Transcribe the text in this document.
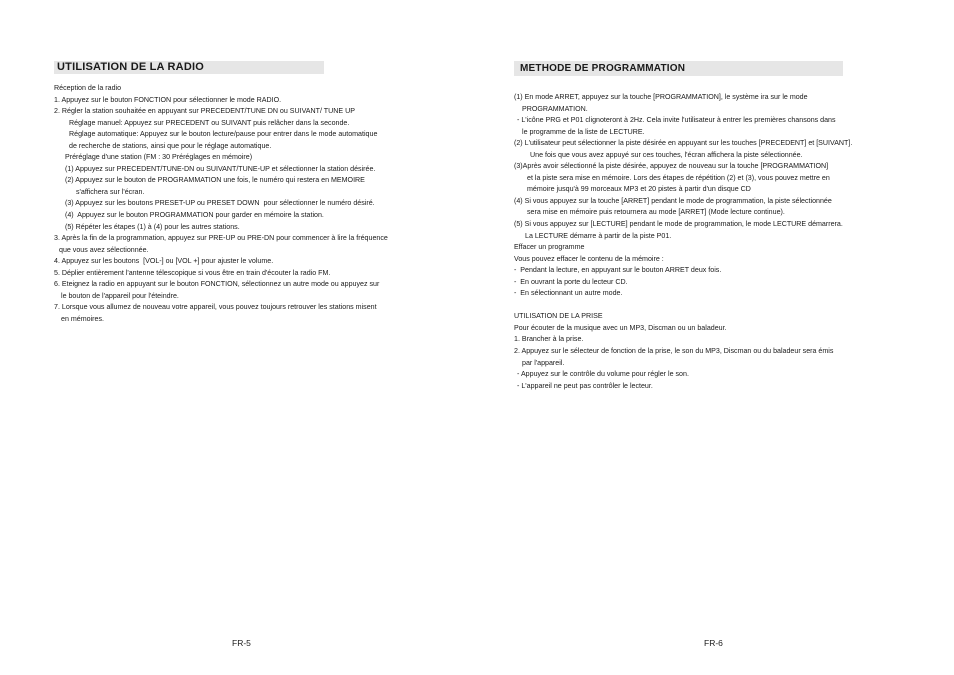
UTILISATION DE LA RADIO
Réception de la radio
1. Appuyez sur le bouton FONCTION pour sélectionner le mode RADIO.
2. Régler la station souhaitée en appuyant sur PRECEDENT/TUNE DN ou SUIVANT/ TUNE UP
Réglage manuel: Appuyez sur PRECEDENT ou SUIVANT puis relâcher dans la seconde.
Réglage automatique: Appuyez sur le bouton lecture/pause pour entrer dans le mode automatique
de recherche de stations, ainsi que pour le réglage automatique.
Préréglage d'une station (FM : 30 Préréglages en mémoire)
(1) Appuyez sur PRECEDENT/TUNE-DN ou SUIVANT/TUNE-UP et sélectionner la station désirée.
(2) Appuyez sur le bouton de PROGRAMMATION une fois, le numéro qui restera en MEMOIRE
s'affichera sur l'écran.
(3) Appuyez sur les boutons PRESET-UP ou PRESET DOWN  pour sélectionner le numéro désiré.
(4)  Appuyez sur le bouton PROGRAMMATION pour garder en mémoire la station.
(5) Répéter les étapes (1) à (4) pour les autres stations.
3. Après la fin de la programmation, appuyez sur PRE-UP ou PRE-DN pour commencer à lire la fréquence
que vous avez sélectionnée.
4. Appuyez sur les boutons  [VOL-] ou [VOL +] pour ajuster le volume.
5. Déplier entièrement l'antenne télescopique si vous être en train d'écouter la radio FM.
6. Eteignez la radio en appuyant sur le bouton FONCTION, sélectionnez un autre mode ou appuyez sur
le bouton de l'appareil pour l'éteindre.
7. Lorsque vous allumez de nouveau votre appareil, vous pouvez toujours retrouver les stations misent
en mémoires.
FR-5
METHODE DE PROGRAMMATION
(1) En mode ARRET, appuyez sur la touche [PROGRAMMATION], le système ira sur le mode
PROGRAMMATION.
- L'icône PRG et P01 clignoteront à 2Hz. Cela invite l'utilisateur à entrer les premières chansons dans
le programme de la liste de LECTURE.
(2) L'utilisateur peut sélectionner la piste désirée en appuyant sur les touches [PRECEDENT] et [SUIVANT].
Une fois que vous avez appuyé sur ces touches, l'écran affichera la piste sélectionnée.
(3)Après avoir sélectionné la piste désirée, appuyez de nouveau sur la touche [PROGRAMMATION]
et la piste sera mise en mémoire. Lors des étapes de répétition (2) et (3), vous pouvez mettre en
mémoire jusqu'à 99 morceaux MP3 et 20 pistes à partir d'un disque CD
(4) Si vous appuyez sur la touche [ARRET] pendant le mode de programmation, la piste sélectionnée
sera mise en mémoire puis retournera au mode [ARRET] (Mode lecture continue).
(5) Si vous appuyez sur [LECTURE] pendant le mode de programmation, le mode LECTURE démarrera.
La LECTURE démarre à partir de la piste P01.
Effacer un programme
Vous pouvez effacer le contenu de la mémoire :
-  Pendant la lecture, en appuyant sur le bouton ARRET deux fois.
-  En ouvrant la porte du lecteur CD.
-  En sélectionnant un autre mode.
UTILISATION DE LA PRISE
Pour écouter de la musique avec un MP3, Discman ou un baladeur.
1. Brancher à la prise.
2. Appuyez sur le sélecteur de fonction de la prise, le son du MP3, Discman ou du baladeur sera émis
par l'appareil.
- Appuyez sur le contrôle du volume pour régler le son.
- L'appareil ne peut pas contrôler le lecteur.
FR-6
